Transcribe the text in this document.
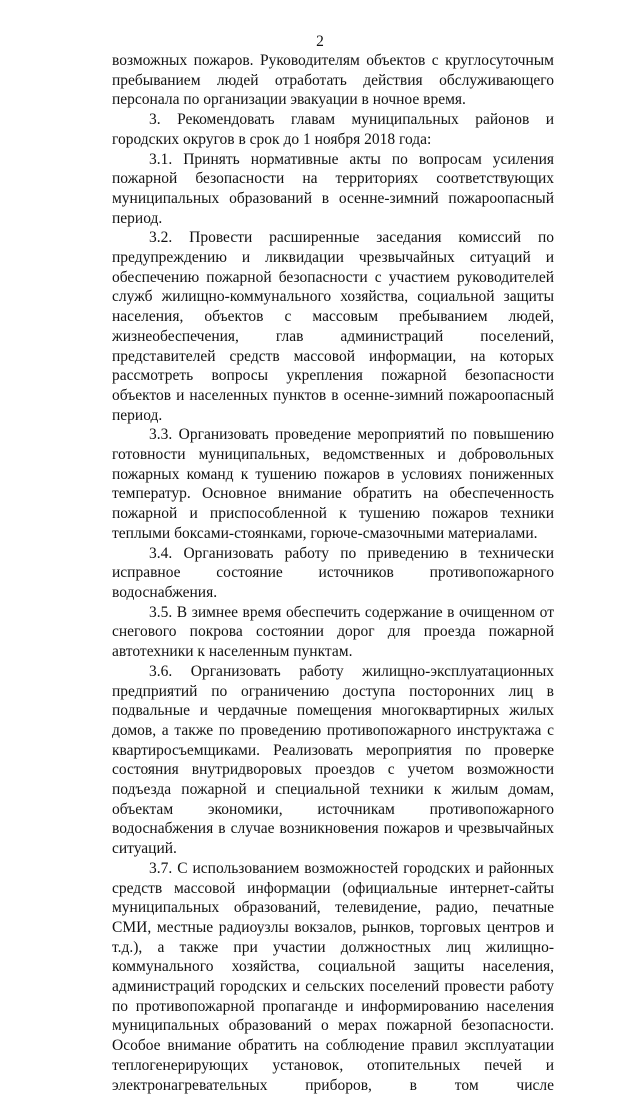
2

возможных пожаров. Руководителям объектов с круглосуточным пребыванием людей отработать действия обслуживающего персонала по организации эвакуации в ночное время.

3. Рекомендовать главам муниципальных районов и городских округов в срок до 1 ноября 2018 года:

3.1. Принять нормативные акты по вопросам усиления пожарной безопасности на территориях соответствующих муниципальных образований в осенне-зимний пожароопасный период.

3.2. Провести расширенные заседания комиссий по предупреждению и ликвидации чрезвычайных ситуаций и обеспечению пожарной безопасности с участием руководителей служб жилищно-коммунального хозяйства, социальной защиты населения, объектов с массовым пребыванием людей, жизнеобеспечения, глав администраций поселений, представителей средств массовой информации, на которых рассмотреть вопросы укрепления пожарной безопасности объектов и населенных пунктов в осенне-зимний пожароопасный период.

3.3. Организовать проведение мероприятий по повышению готовности муниципальных, ведомственных и добровольных пожарных команд к тушению пожаров в условиях пониженных температур. Основное внимание обратить на обеспеченность пожарной и приспособленной к тушению пожаров техники теплыми боксами-стоянками, горюче-смазочными материалами.

3.4. Организовать работу по приведению в технически исправное состояние источников противопожарного водоснабжения.

3.5. В зимнее время обеспечить содержание в очищенном от снегового покрова состоянии дорог для проезда пожарной автотехники к населенным пунктам.

3.6. Организовать работу жилищно-эксплуатационных предприятий по ограничению доступа посторонних лиц в подвальные и чердачные помещения многоквартирных жилых домов, а также по проведению противопожарного инструктажа с квартиросъемщиками. Реализовать мероприятия по проверке состояния внутридворовых проездов с учетом возможности подъезда пожарной и специальной техники к жилым домам, объектам экономики, источникам противопожарного водоснабжения в случае возникновения пожаров и чрезвычайных ситуаций.

3.7. С использованием возможностей городских и районных средств массовой информации (официальные интернет-сайты муниципальных образований, телевидение, радио, печатные СМИ, местные радиоузлы вокзалов, рынков, торговых центров и т.д.), а также при участии должностных лиц жилищно-коммунального хозяйства, социальной защиты населения, администраций городских и сельских поселений провести работу по противопожарной пропаганде и информированию населения муниципальных образований о мерах пожарной безопасности. Особое внимание обратить на соблюдение правил эксплуатации теплогенерирующих установок, отопительных печей и электронагревательных приборов, в том числе
